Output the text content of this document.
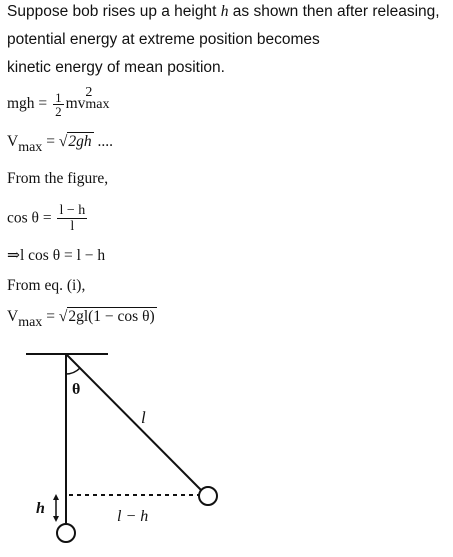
Suppose bob rises up a height h as shown then after releasing,
potential energy at extreme position becomes
kinetic energy of mean position.
mgh = $\frac{1}{2}$ mv
2
max
Vmax = √2gh ....
From the figure,
$\cos \theta = \frac{l - h}{l}$
⇒l cos θ = l − h
From eq. (i),
Vmax = √2gl(1 − cos θ)
θ
l
h	l − h
